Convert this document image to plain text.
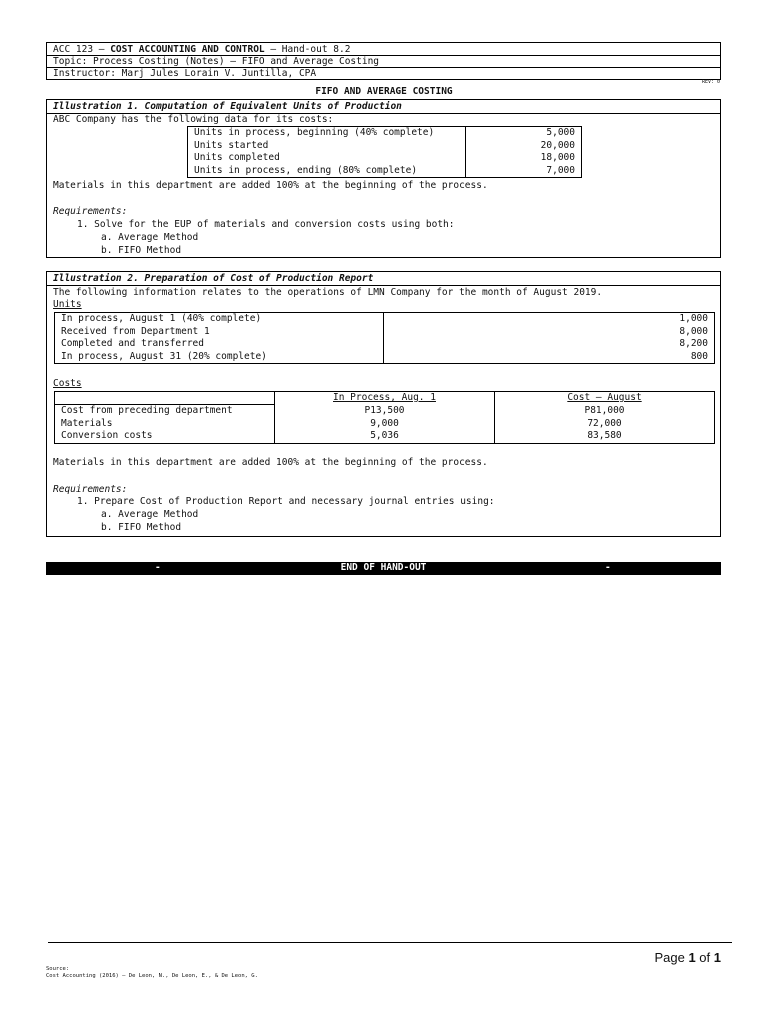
ACC 123 – COST ACCOUNTING AND CONTROL – Hand-out 8.2
Topic: Process Costing (Notes) – FIFO and Average Costing
Instructor: Marj Jules Lorain V. Juntilla, CPA
REV: 0
FIFO AND AVERAGE COSTING
Illustration 1. Computation of Equivalent Units of Production
ABC Company has the following data for its costs:
Units in process, beginning (40% complete)	5,000
Units started	20,000
Units completed	18,000
Units in process, ending (80% complete)	7,000
Materials in this department are added 100% at the beginning of the process.
Requirements:
1. Solve for the EUP of materials and conversion costs using both:
a. Average Method
b. FIFO Method
Illustration 2. Preparation of Cost of Production Report
The following information relates to the operations of LMN Company for the month of August 2019.
Units
In process, August 1 (40% complete)	1,000
Received from Department 1	8,000
Completed and transferred	8,200
In process, August 31 (20% complete)	800
Costs
	In Process, Aug. 1	Cost – August
Cost from preceding department	P13,500	P81,000
Materials	9,000	72,000
Conversion costs	5,036	83,580
Materials in this department are added 100% at the beginning of the process.
Requirements:
1. Prepare Cost of Production Report and necessary journal entries using:
a. Average Method
b. FIFO Method
-	END OF HAND-OUT	-
Page 1 of 1
Source:
Cost Accounting (2016) – De Leon, N., De Leon, E., & De Leon, G.
